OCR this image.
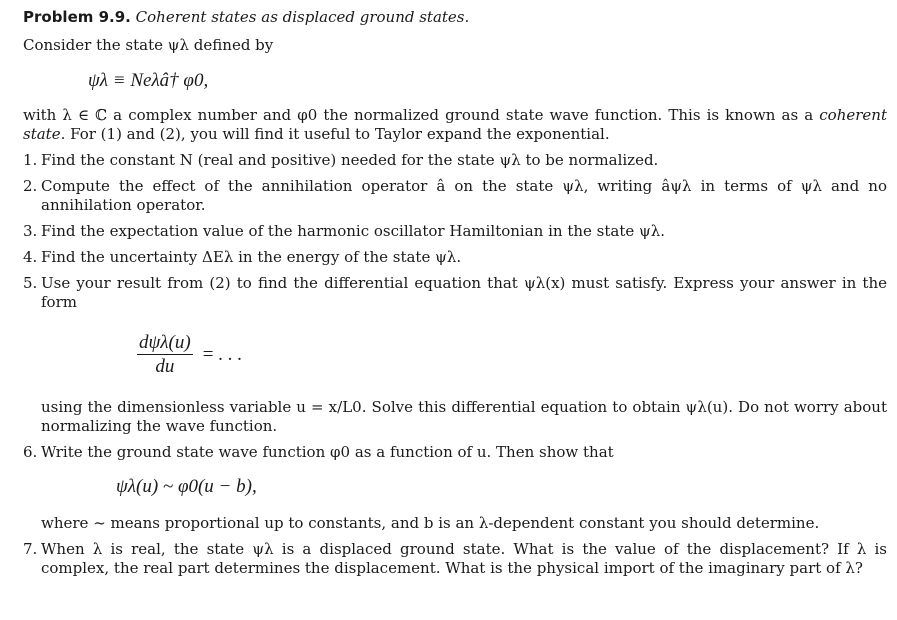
Problem 9.9. Coherent states as displaced ground states.

Consider the state ψλ defined by

ψλ ≡ Neλâ† φ0,

with λ ∈ ℂ a complex number and φ0 the normalized ground state wave function. This is known as a coherent state. For (1) and (2), you will find it useful to Taylor expand the exponential.

1. Find the constant N (real and positive) needed for the state ψλ to be normalized.
2. Compute the effect of the annihilation operator â on the state ψλ, writing âψλ in terms of ψλ and no annihilation operator.
3. Find the expectation value of the harmonic oscillator Hamiltonian in the state ψλ.
4. Find the uncertainty ΔEλ in the energy of the state ψλ.
5. Use your result from (2) to find the differential equation that ψλ(x) must satisfy. Express your answer in the form
$\frac{\text{dψλ(u)}}{du}$ = . . .

using the dimensionless variable u = x/L0. Solve this differential equation to obtain ψλ(u). Do not worry about normalizing the wave function.

6. Write the ground state wave function φ0 as a function of u. Then show that
ψλ(u) ~ φ0(u − b),

where ~ means proportional up to constants, and b is an λ-dependent constant you should determine.

7. When λ is real, the state ψλ is a displaced ground state. What is the value of the displacement? If λ is complex, the real part determines the displacement. What is the physical import of the imaginary part of λ?
